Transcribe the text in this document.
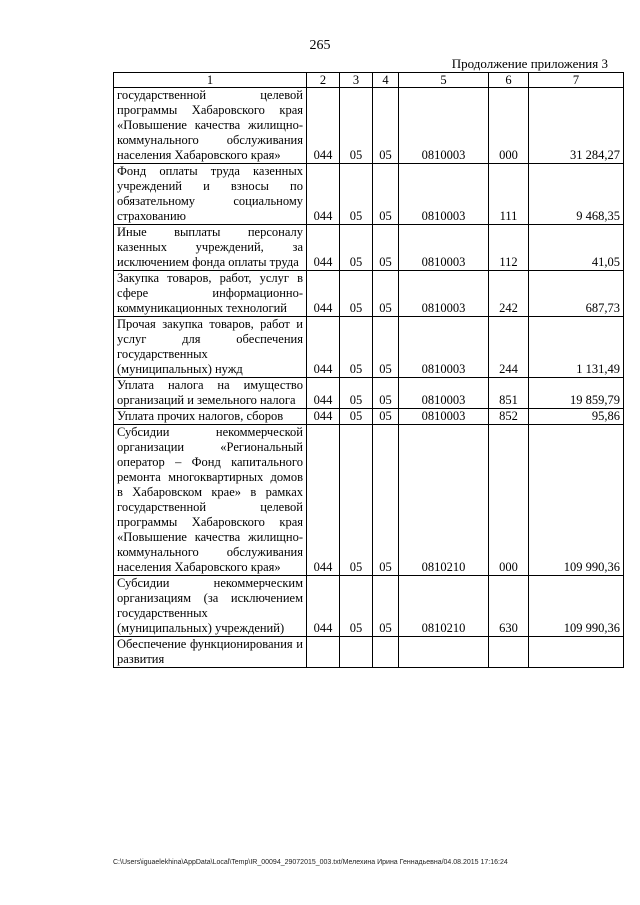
265
Продолжение приложения 3
1	2	3	4	5	6	7
государственной целевой программы Хабаровского края «Повышение качества жилищно-коммунального обслуживания населения Хабаровского края»	044	05	05	0810003	000	31 284,27
Фонд оплаты труда казенных учреждений и взносы по обязательному социальному страхованию	044	05	05	0810003	111	9 468,35
Иные выплаты персоналу казенных учреждений, за исключением фонда оплаты труда	044	05	05	0810003	112	41,05
Закупка товаров, работ, услуг в сфере информационно-коммуникационных технологий	044	05	05	0810003	242	687,73
Прочая закупка товаров, работ и услуг для обеспечения государственных (муниципальных) нужд	044	05	05	0810003	244	1 131,49
Уплата налога на имущество организаций и земельного налога	044	05	05	0810003	851	19 859,79
Уплата прочих налогов, сборов	044	05	05	0810003	852	95,86
Субсидии некоммерческой организации «Региональный оператор – Фонд капитального ремонта многоквартирных домов в Хабаровском крае» в рамках государственной целевой программы Хабаровского края «Повышение качества жилищно-коммунального обслуживания населения Хабаровского края»	044	05	05	0810210	000	109 990,36
Субсидии некоммерческим организациям (за исключением государственных (муниципальных) учреждений)	044	05	05	0810210	630	109 990,36
Обеспечение функционирования и развития						
C:\Users\iguaelekhina\AppData\Local\Temp\IR_00094_29072015_003.txt/Мелехина Ирина Геннадьевна/04.08.2015 17:16:24
